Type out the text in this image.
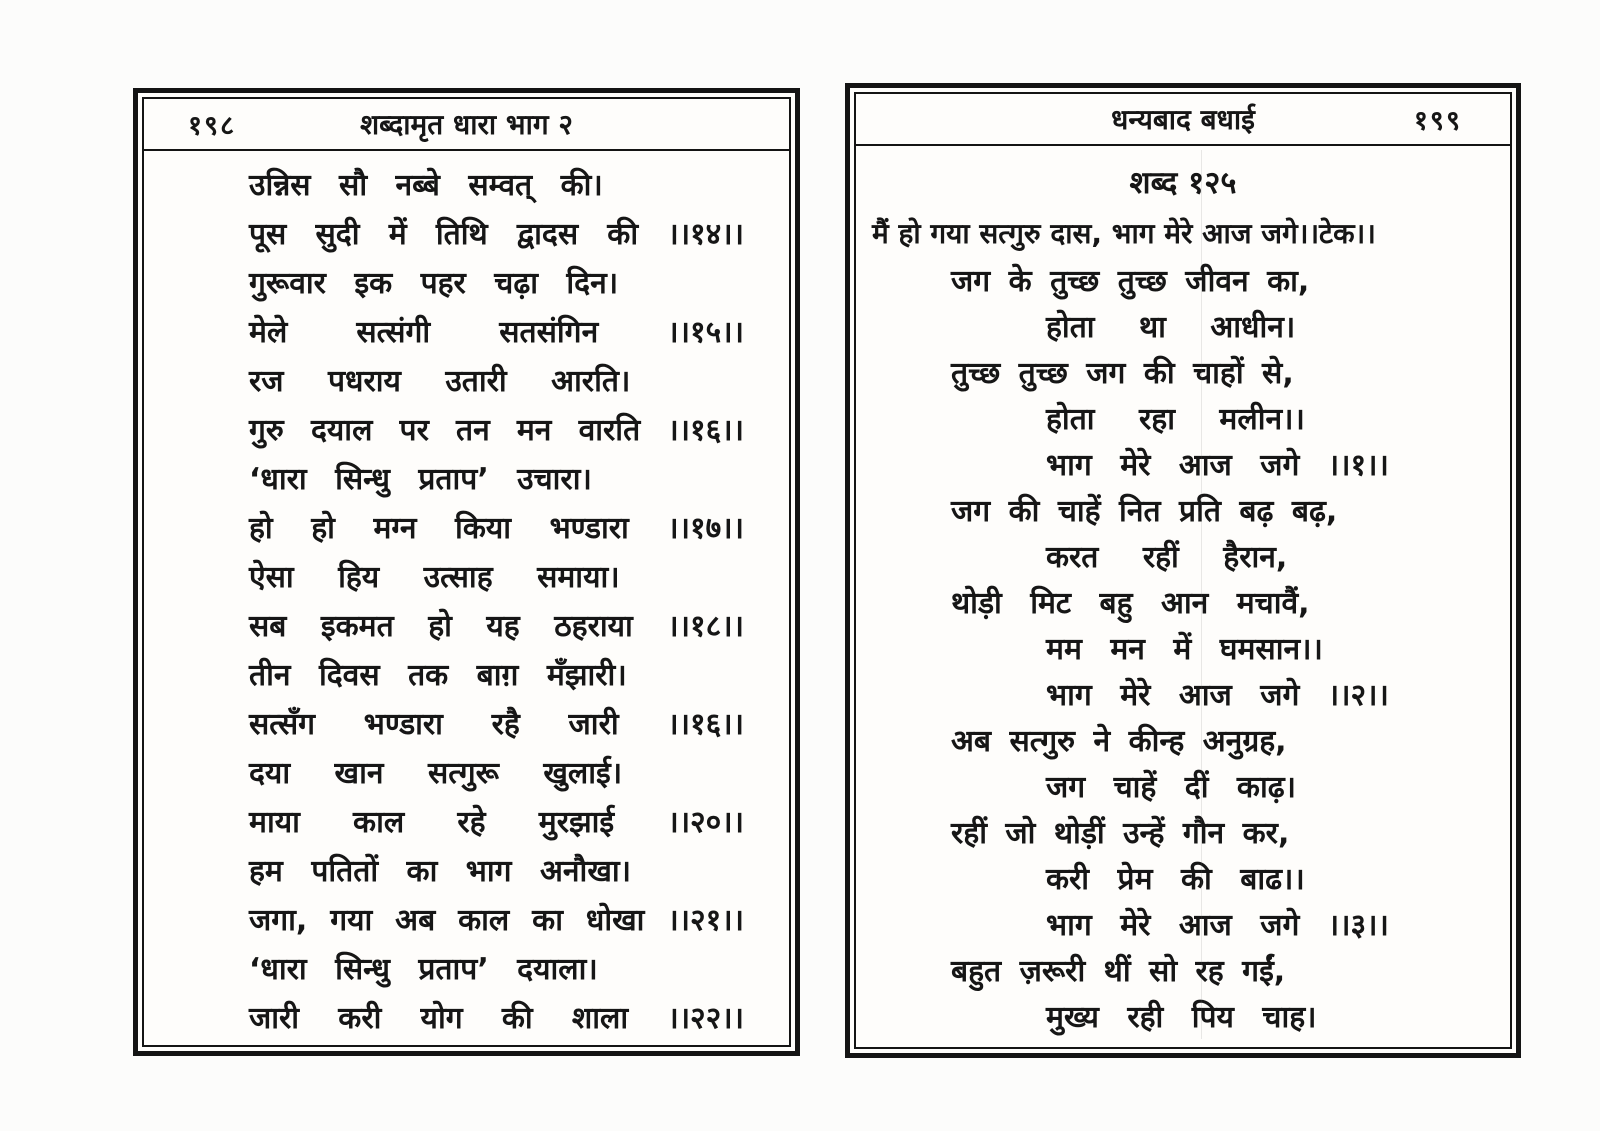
१९८	शब्दामृत धारा भाग २
उन्निस सौ नब्बे सम्वत् की।
पूस सुदी में तिथि द्वादस की ।।१४।।
गुरूवार इक पहर चढ़ा दिन।
मेले सत्संगी सतसंगिन ।।१५।।
रज पधराय उतारी आरति।
गुरु दयाल पर तन मन वारति ।।१६।।
‘धारा सिन्धु प्रताप’ उचारा।
हो हो मग्न किया भण्डारा ।।१७।।
ऐसा हिय उत्साह समाया।
सब इकमत हो यह ठहराया ।।१८।।
तीन दिवस तक बाग़ मँझारी।
सत्सँग भण्डारा रहै जारी ।।१६।।
दया खान सत्गुरू खुलाई।
माया काल रहे मुरझाई ।।२०।।
हम पतितों का भाग अनौखा।
जगा, गया अब काल का धोखा ।।२१।।
‘धारा सिन्धु प्रताप’ दयाला।
जारी करी योग की शाला ।।२२।।
धन्यबाद बधाई	१९९
शब्द १२५
मैं हो गया सत्गुरु दास, भाग मेरे आज जगे।।टेक।।
जग के तुच्छ तुच्छ जीवन का,
होता था आधीन।
तुच्छ तुच्छ जग की चाहों से,
होता रहा मलीन।।
भाग मेरे आज जगे ।।१।।
जग की चाहें नित प्रति बढ़ बढ़,
करत रहीं हैरान,
थोड़ी मिट बहु आन मचावैं,
मम मन में घमसान।।
भाग मेरे आज जगे ।।२।।
अब सत्गुरु ने कीन्ह अनुग्रह,
जग चाहें दीं काढ़।
रहीं जो थोड़ीं उन्हें गौन कर,
करी प्रेम की बाढ।।
भाग मेरे आज जगे ।।३।।
बहुत ज़रूरी थीं सो रह गईं,
मुख्य रही पिय चाह।
